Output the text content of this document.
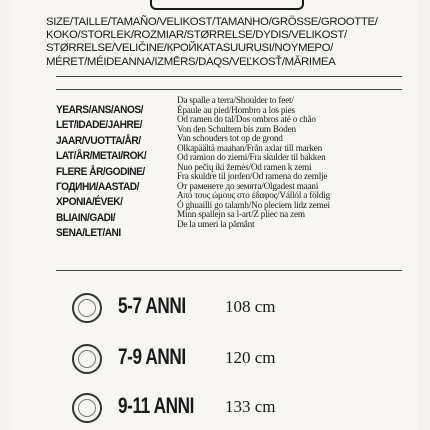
SIZE/TAILLE/TAMAÑO/VELIKOST/TAMANHO/GRÖSSE/GROOTTE/
KOKO/STORLEK/ROZMIAR/STØRRELSE/DYDIS/VELIKOST/
STØRRELSE/VELIČINE/КРОЙКАТASUURUSI/NOYMEPO/
MÉRET/MÉIDEANNA/IZMĒRS/DAQS/VEĽKOSŤ/MĂRIMEA
YEARS/ANS/ANOS/
LET/IDADE/JAHRE/
JAAR/VUOTTA/ÅR/
LAT/ÅR/METAI/ROK/
FLERE ÅR/GODINE/
ГОДИНИ/AASTAD/
XPONIA/ÉVEK/
BLIAIN/GADI/
SENA/LET/ANI
Da spalle a terra/Shoulder to feet/
Épaule au pied/Hombro a los pies
Od ramen do tal/Dos ombros até o chão
Von den Schultern bis zum Boden
Van schouders tot op de grond
Olkapäältä maahan/Från axlar till marken
Od ramion do ziemi/Fra skulder til bakken
Nuo pečių iki žemės/Od ramen k zemi
Fra skuldre til jorden/Od ramena do zemlje
От раменете до земята/Olgadest maani
Από τους ώμους στο έδαφος/Vállól a földig
Ó ghuaillí go talamh/No pleciem lidz zemei
Minn spallejn sa l-art/Z pliec na zem
De la umeri la pământ
5-7 ANNI 108 cm
7-9 ANNI 120 cm
9-11 ANNI 133 cm
